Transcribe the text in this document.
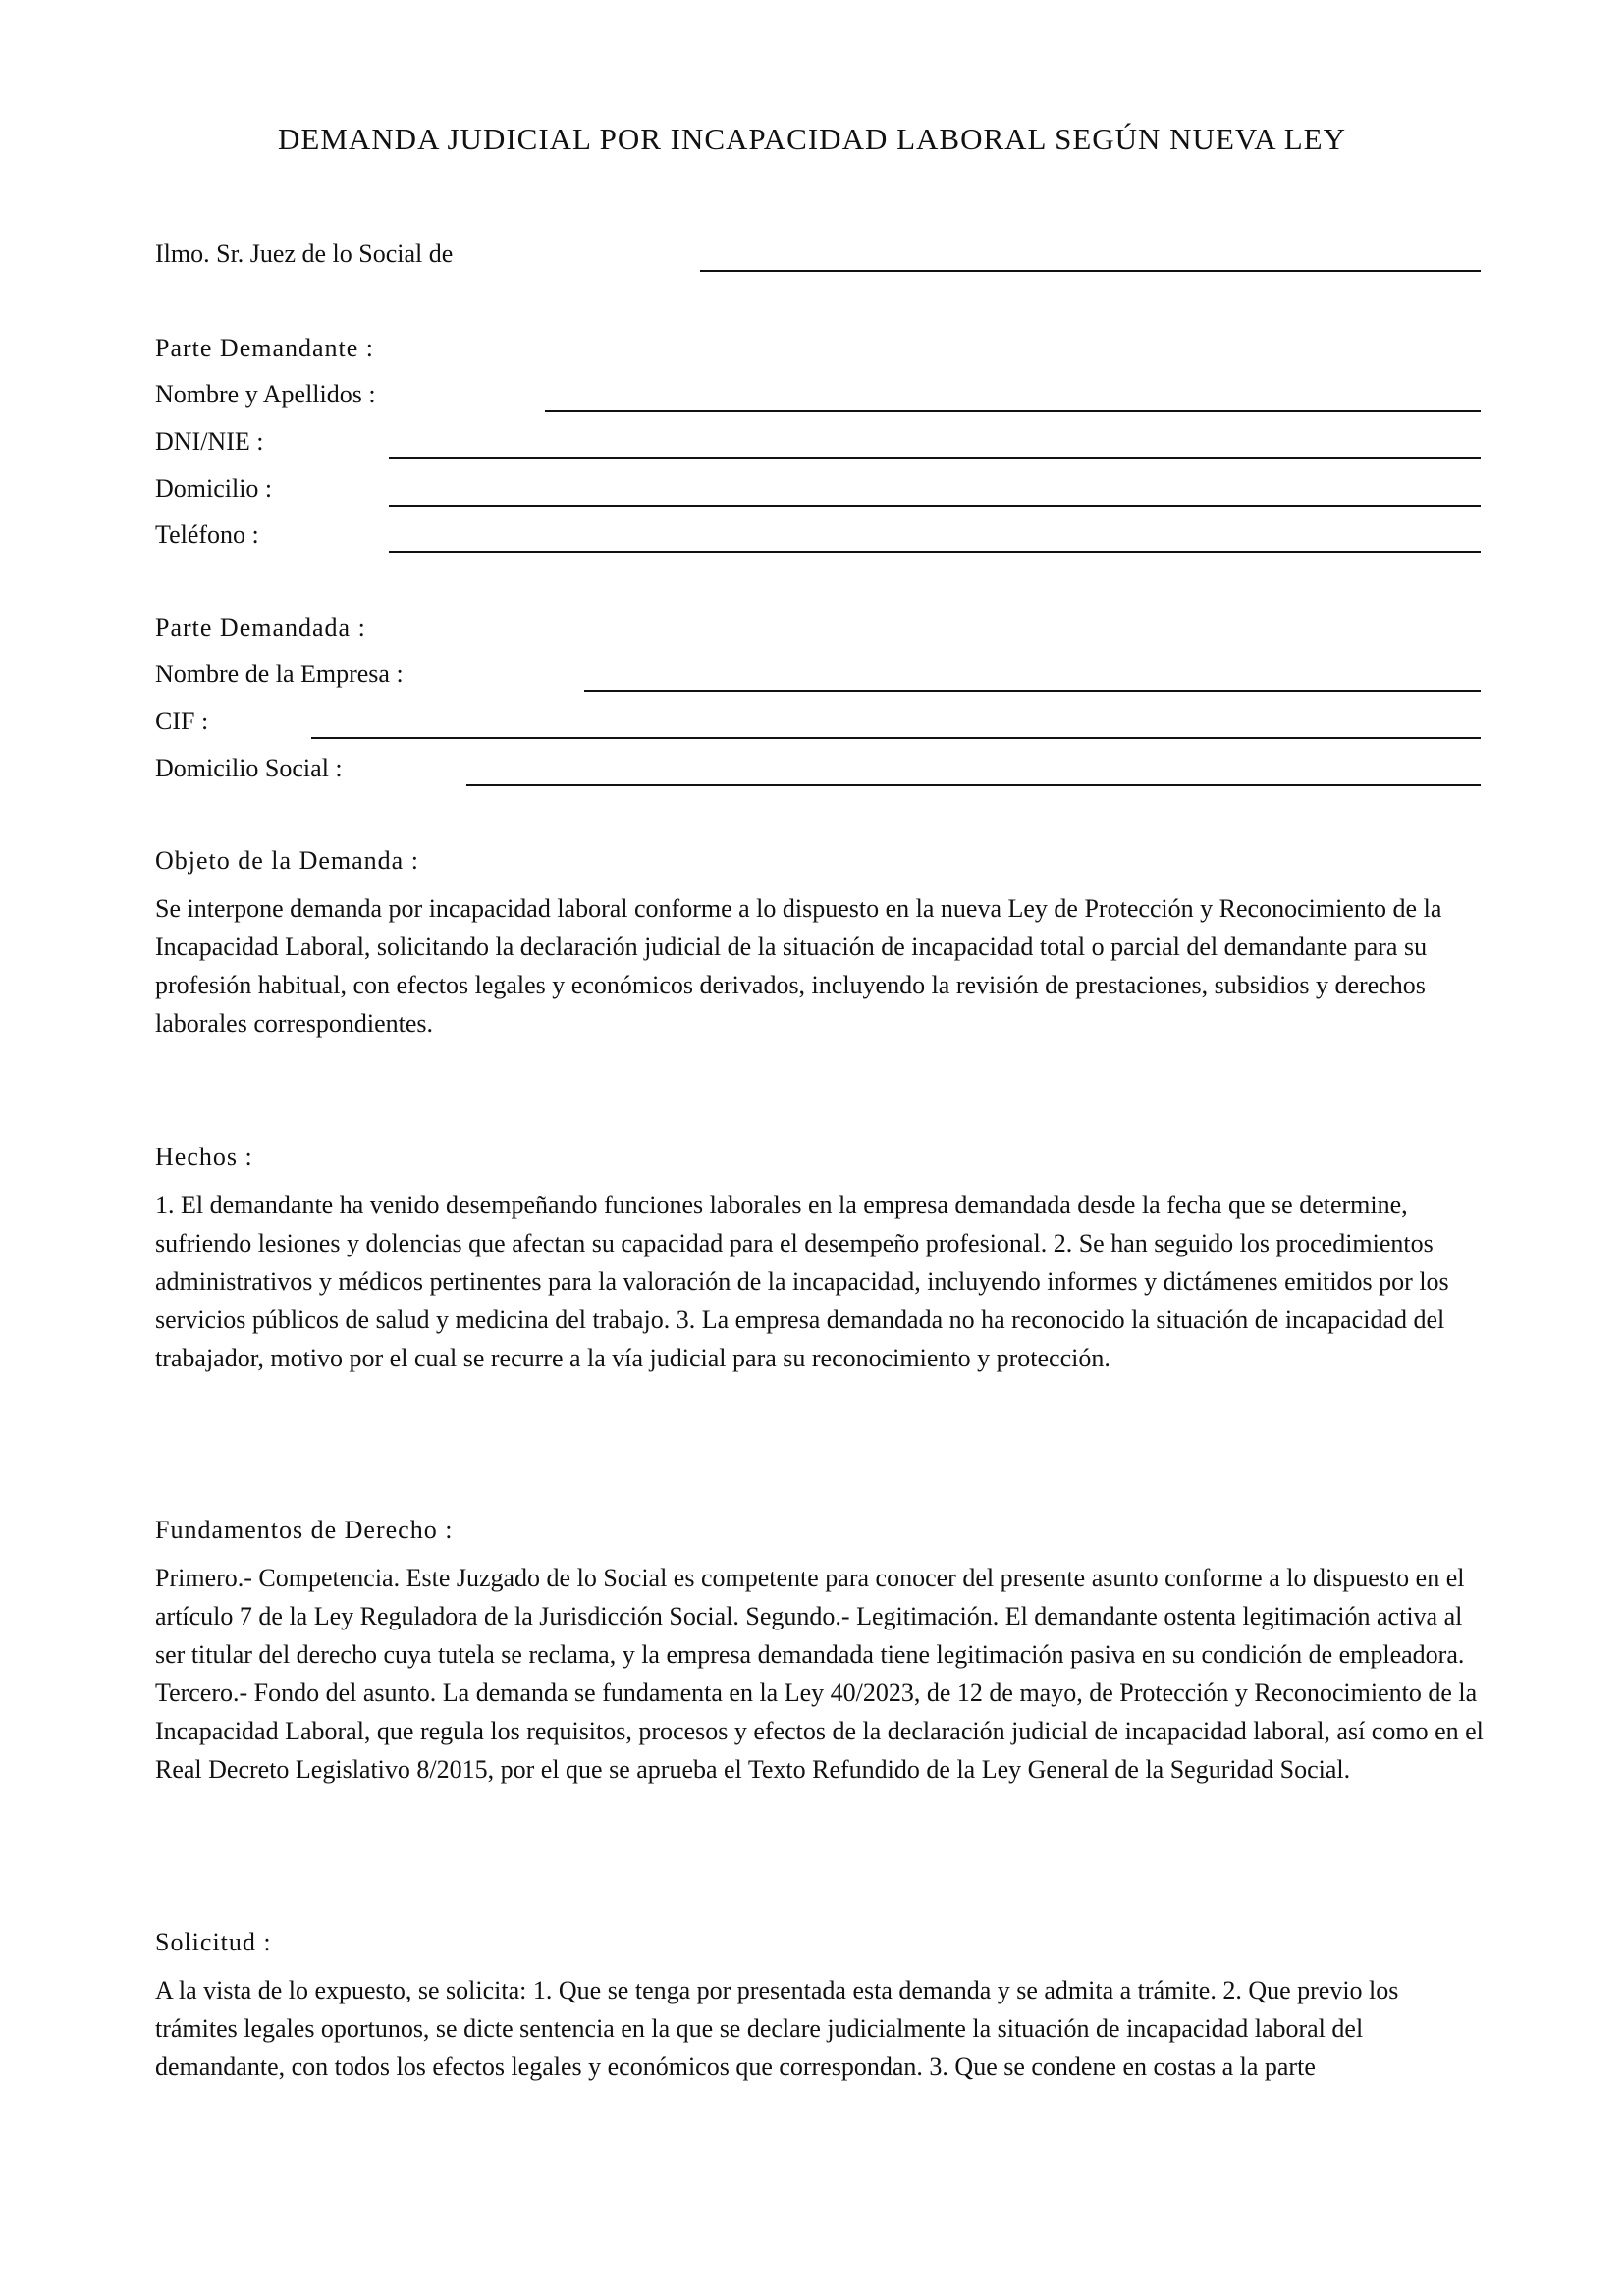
DEMANDA JUDICIAL POR INCAPACIDAD LABORAL SEGÚN NUEVA LEY
Ilmo. Sr. Juez de lo Social de
Parte Demandante :
Nombre y Apellidos :
DNI/NIE :
Domicilio :
Teléfono :
Parte Demandada :
Nombre de la Empresa :
CIF :
Domicilio Social :
Objeto de la Demanda :

Se interpone demanda por incapacidad laboral conforme a lo dispuesto en la nueva Ley de Protección y Reconocimiento de la Incapacidad Laboral, solicitando la declaración judicial de la situación de incapacidad total o parcial del demandante para su profesión habitual, con efectos legales y económicos derivados, incluyendo la revisión de prestaciones, subsidios y derechos laborales correspondientes.

Hechos :

1. El demandante ha venido desempeñando funciones laborales en la empresa demandada desde la fecha que se determine, sufriendo lesiones y dolencias que afectan su capacidad para el desempeño profesional. 2. Se han seguido los procedimientos administrativos y médicos pertinentes para la valoración de la incapacidad, incluyendo informes y dictámenes emitidos por los servicios públicos de salud y medicina del trabajo. 3. La empresa demandada no ha reconocido la situación de incapacidad del trabajador, motivo por el cual se recurre a la vía judicial para su reconocimiento y protección.

Fundamentos de Derecho :

Primero.- Competencia. Este Juzgado de lo Social es competente para conocer del presente asunto conforme a lo dispuesto en el artículo 7 de la Ley Reguladora de la Jurisdicción Social. Segundo.- Legitimación. El demandante ostenta legitimación activa al ser titular del derecho cuya tutela se reclama, y la empresa demandada tiene legitimación pasiva en su condición de empleadora. Tercero.- Fondo del asunto. La demanda se fundamenta en la Ley 40/2023, de 12 de mayo, de Protección y Reconocimiento de la Incapacidad Laboral, que regula los requisitos, procesos y efectos de la declaración judicial de incapacidad laboral, así como en el Real Decreto Legislativo 8/2015, por el que se aprueba el Texto Refundido de la Ley General de la Seguridad Social.

Solicitud :

A la vista de lo expuesto, se solicita: 1. Que se tenga por presentada esta demanda y se admita a trámite. 2. Que previo los trámites legales oportunos, se dicte sentencia en la que se declare judicialmente la situación de incapacidad laboral del demandante, con todos los efectos legales y económicos que correspondan. 3. Que se condene en costas a la parte
